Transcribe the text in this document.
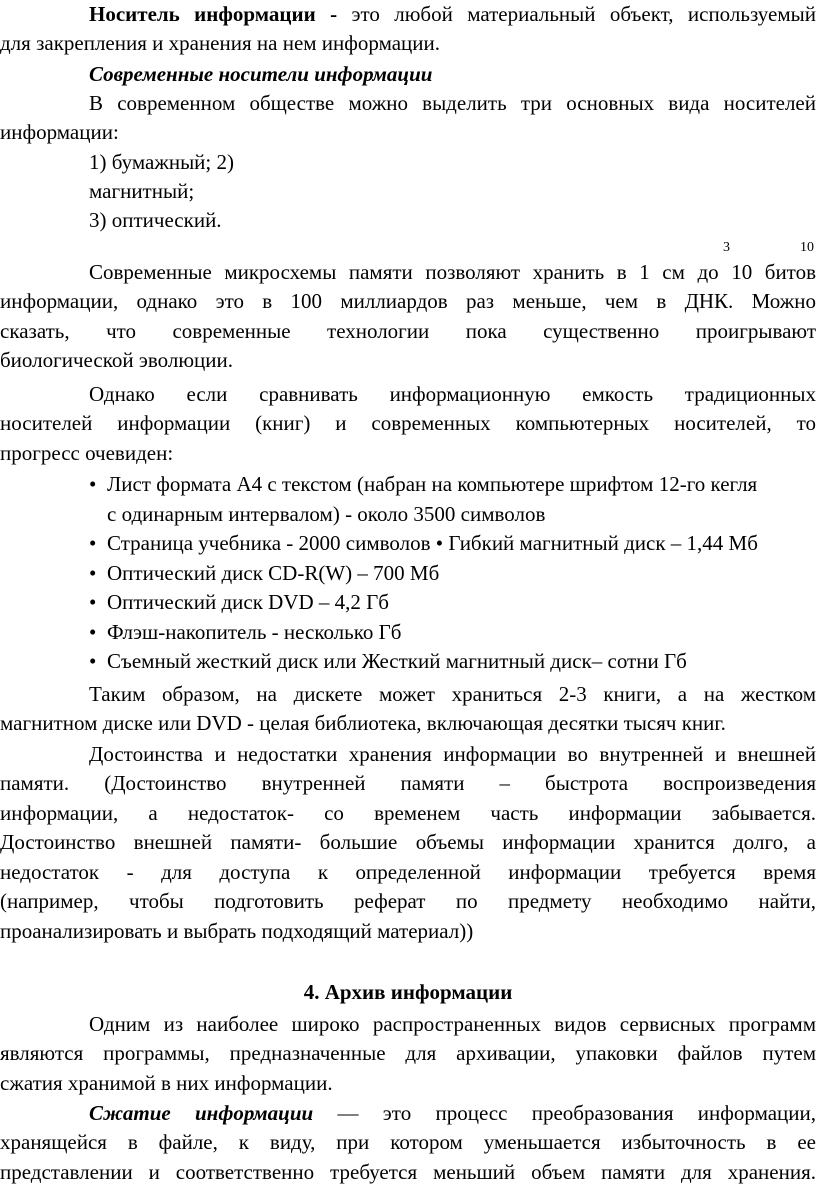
Носитель информации - это любой материальный объект, используемый
для закрепления и хранения на нем информации.
Современные носители информации
В современном обществе можно выделить три основных вида носителей
информации:
1) бумажный; 2)
магнитный;
3) оптический.
3	10
Современные микросхемы памяти позволяют хранить в 1 см до 10 битов
информации, однако это в 100 миллиардов раз меньше, чем в ДНК. Можно
сказать, что современные технологии пока существенно проигрывают
биологической эволюции.
Однако если сравнивать информационную емкость традиционных
носителей информации (книг) и современных компьютерных носителей, то
прогресс очевиден:
• Лист формата А4 с текстом (набран на компьютере шрифтом 12-го кегля
с одинарным интервалом) - около 3500 символов
• Страница учебника - 2000 символов • Гибкий магнитный диск – 1,44 Мб
• Оптический диск CD-R(W) – 700 Мб
• Оптический диск DVD – 4,2 Гб
• Флэш-накопитель - несколько Гб
• Съемный жесткий диск или Жесткий магнитный диск– сотни Гб
Таким образом, на дискете может храниться 2-3 книги, а на жестком
магнитном диске или DVD - целая библиотека, включающая десятки тысяч книг.
Достоинства и недостатки хранения информации во внутренней и внешней
памяти. (Достоинство внутренней памяти – быстрота воспроизведения
информации, а недостаток- со временем часть информации забывается.
Достоинство внешней памяти- большие объемы информации хранится долго, а
недостаток - для доступа к определенной информации требуется время
(например, чтобы подготовить реферат по предмету необходимо найти,
проанализировать и выбрать подходящий материал))
4. Архив информации
Одним из наиболее широко распространенных видов сервисных программ
являются программы, предназначенные для архивации, упаковки файлов путем
сжатия хранимой в них информации.
Сжатие информации — это процесс преобразования информации,
хранящейся в файле, к виду, при котором уменьшается избыточность в ее
представлении и соответственно требуется меньший объем памяти для хранения.
